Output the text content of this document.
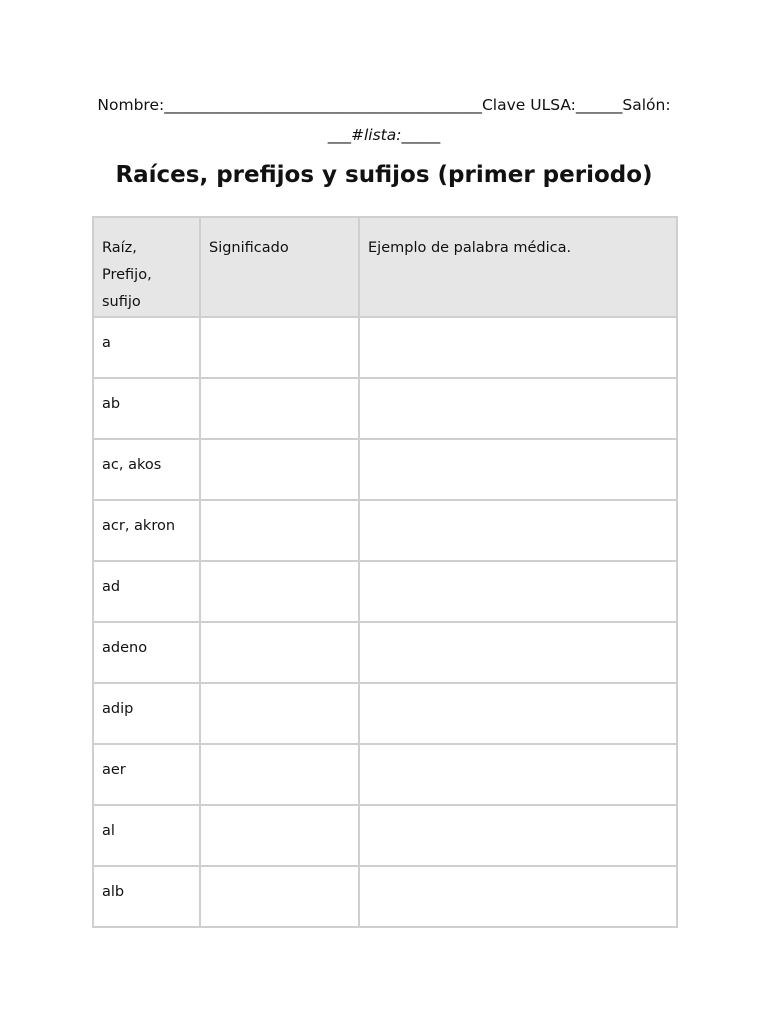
Nombre:_________________________________________Clave ULSA:______Salón:
___#lista:_____
Raíces, prefijos y sufijos (primer periodo)
Raíz, Prefijo, sufijo	Significado	Ejemplo de palabra médica.
a		
ab		
ac, akos		
acr, akron		
ad		
adeno		
adip		
aer		
al		
alb		
